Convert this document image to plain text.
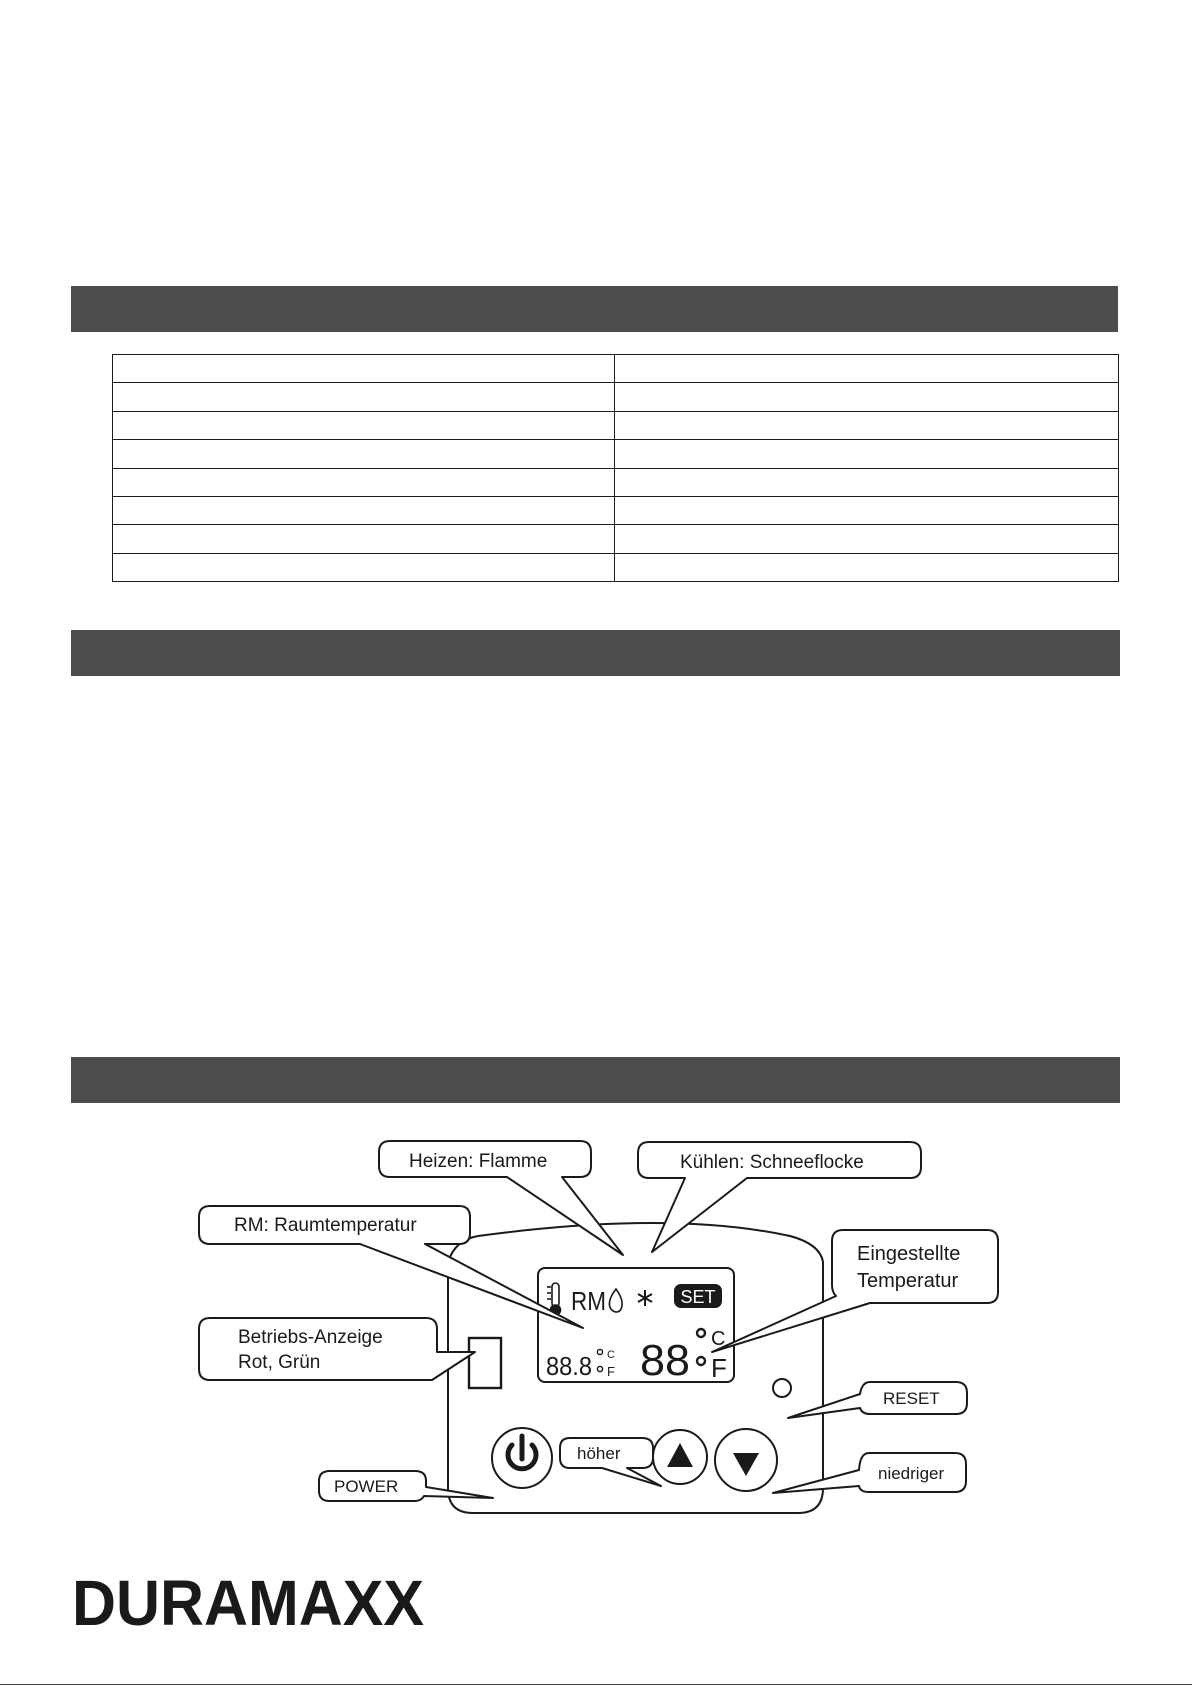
RM	SET
88.8 C
F 88 C
F
Heizen: Flamme	Kühlen: Schneeflocke
RM: Raumtemperatur
Eingestellte
Temperatur
Betriebs-Anzeige
Rot, Grün
RESET
POWER
höher
niedriger
DURAMAXX
